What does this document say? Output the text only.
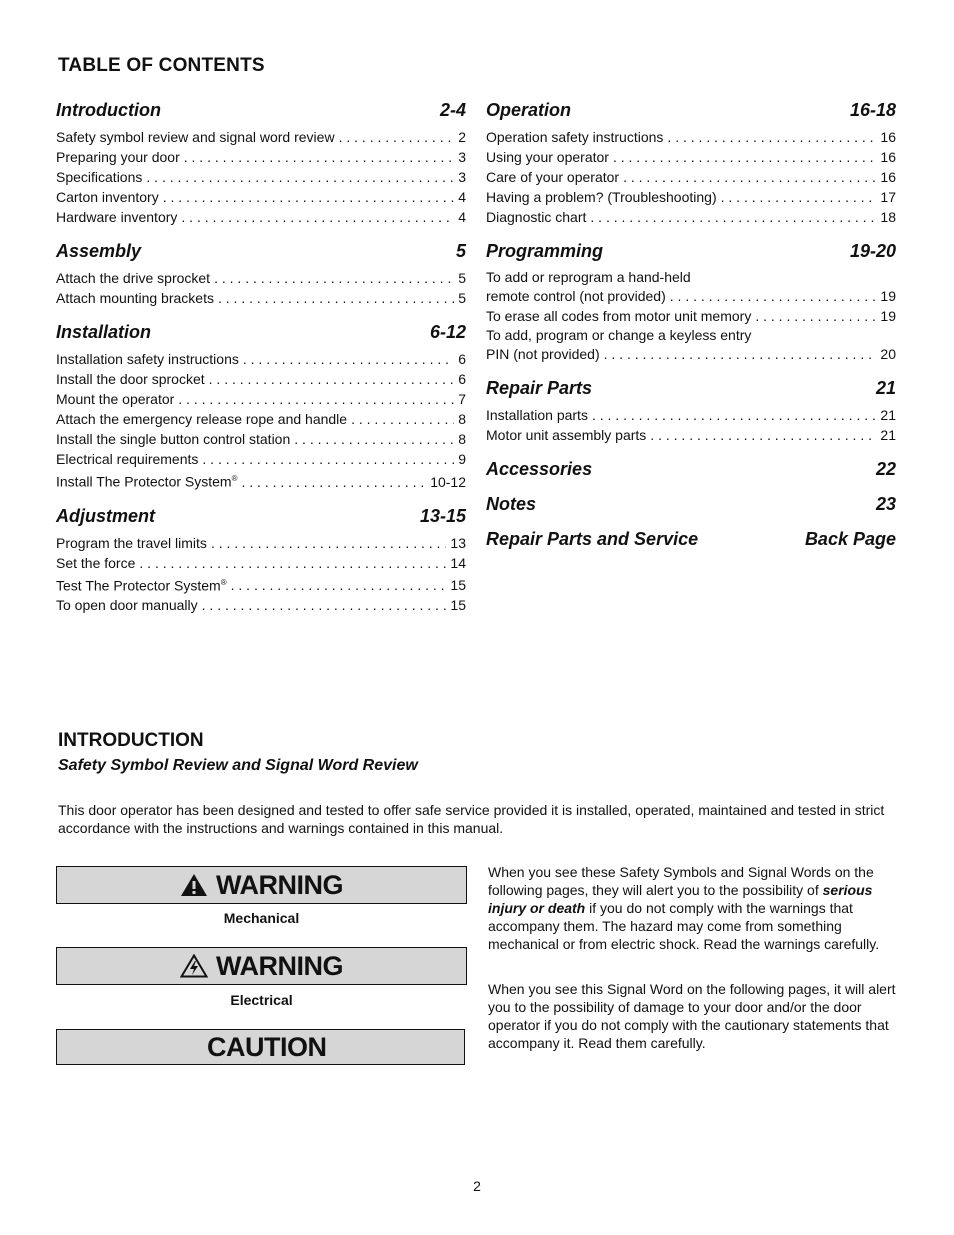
TABLE OF CONTENTS
Introduction	2-4
Safety symbol review and signal word review . . .	2
Preparing your door . . .	3
Specifications . . .	3
Carton inventory . . .	4
Hardware inventory . . .	4
Assembly	5
Attach the drive sprocket . . .	5
Attach mounting brackets . . .	5
Installation	6-12
Installation safety instructions . . .	6
Install the door sprocket . . .	6
Mount the operator . . .	7
Attach the emergency release rope and handle . . .	8
Install the single button control station . . .	8
Electrical requirements . . .	9
Install The Protector System® . . .	10-12
Adjustment	13-15
Program the travel limits . . .	13
Set the force . . .	14
Test The Protector System® . . .	15
To open door manually . . .	15
Operation	16-18
Operation safety instructions . . .	16
Using your operator . . .	16
Care of your operator . . .	16
Having a problem? (Troubleshooting) . . .	17
Diagnostic chart . . .	18
Programming	19-20
To add or reprogram a hand-held
remote control (not provided) . . .	19
To erase all codes from motor unit memory . . .	19
To add, program or change a keyless entry
PIN (not provided) . . .	20
Repair Parts	21
Installation parts . . .	21
Motor unit assembly parts . . .	21
Accessories	22
Notes	23
Repair Parts and Service	Back Page
INTRODUCTION
Safety Symbol Review and Signal Word Review
This door operator has been designed and tested to offer safe service provided it is installed, operated, maintained and tested in strict accordance with the instructions and warnings contained in this manual.
WARNING
Mechanical
WARNING
Electrical
CAUTION
When you see these Safety Symbols and Signal Words on the following pages, they will alert you to the possibility of serious injury or death if you do not comply with the warnings that accompany them. The hazard may come from something mechanical or from electric shock. Read the warnings carefully.
When you see this Signal Word on the following pages, it will alert you to the possibility of damage to your door and/or the door operator if you do not comply with the cautionary statements that accompany it. Read them carefully.
2
